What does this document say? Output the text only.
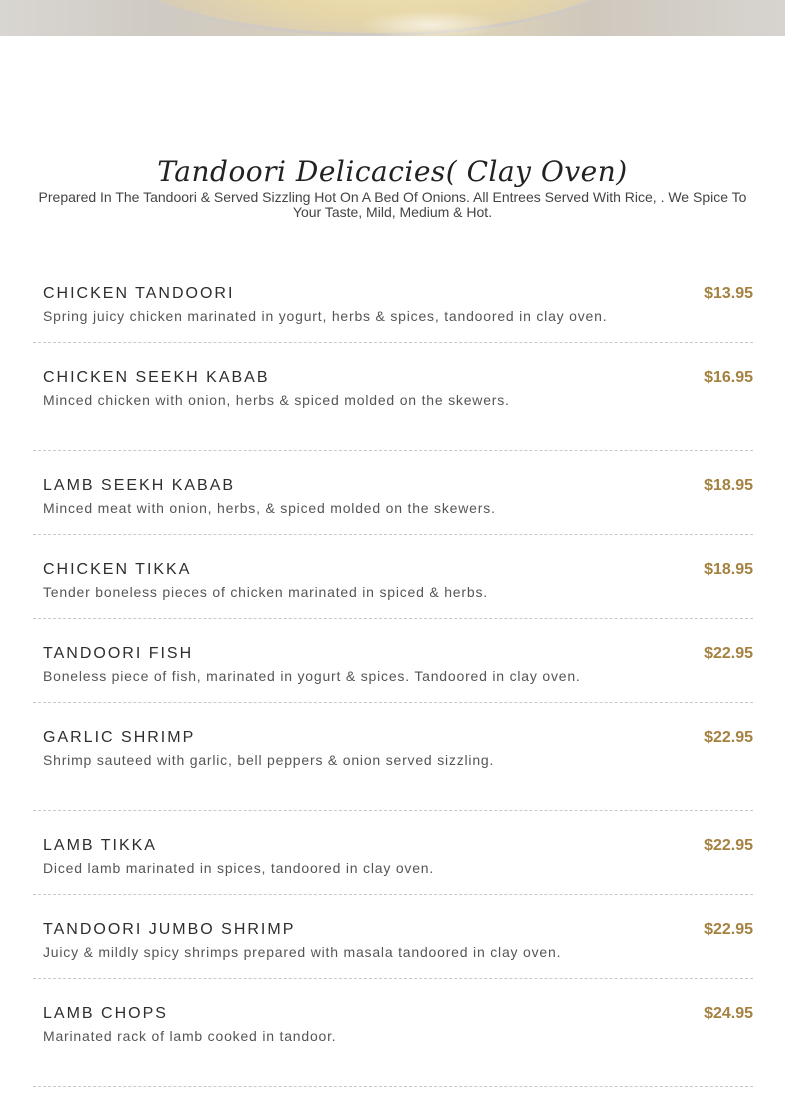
Tandoori Delicacies( Clay Oven)
Prepared In The Tandoori & Served Sizzling Hot On A Bed Of Onions. All Entrees Served With Rice, . We Spice To Your Taste, Mild, Medium & Hot.
CHICKEN TANDOORI	$13.95
Spring juicy chicken marinated in yogurt, herbs & spices, tandoored in clay oven.
CHICKEN SEEKH KABAB	$16.95
Minced chicken with onion, herbs & spiced molded on the skewers.
LAMB SEEKH KABAB	$18.95
Minced meat with onion, herbs, & spiced molded on the skewers.
CHICKEN TIKKA	$18.95
Tender boneless pieces of chicken marinated in spiced & herbs.
TANDOORI FISH	$22.95
Boneless piece of fish, marinated in yogurt & spices. Tandoored in clay oven.
GARLIC SHRIMP	$22.95
Shrimp sauteed with garlic, bell peppers & onion served sizzling.
LAMB TIKKA	$22.95
Diced lamb marinated in spices, tandoored in clay oven.
TANDOORI JUMBO SHRIMP	$22.95
Juicy & mildly spicy shrimps prepared with masala tandoored in clay oven.
LAMB CHOPS	$24.95
Marinated rack of lamb cooked in tandoor.
